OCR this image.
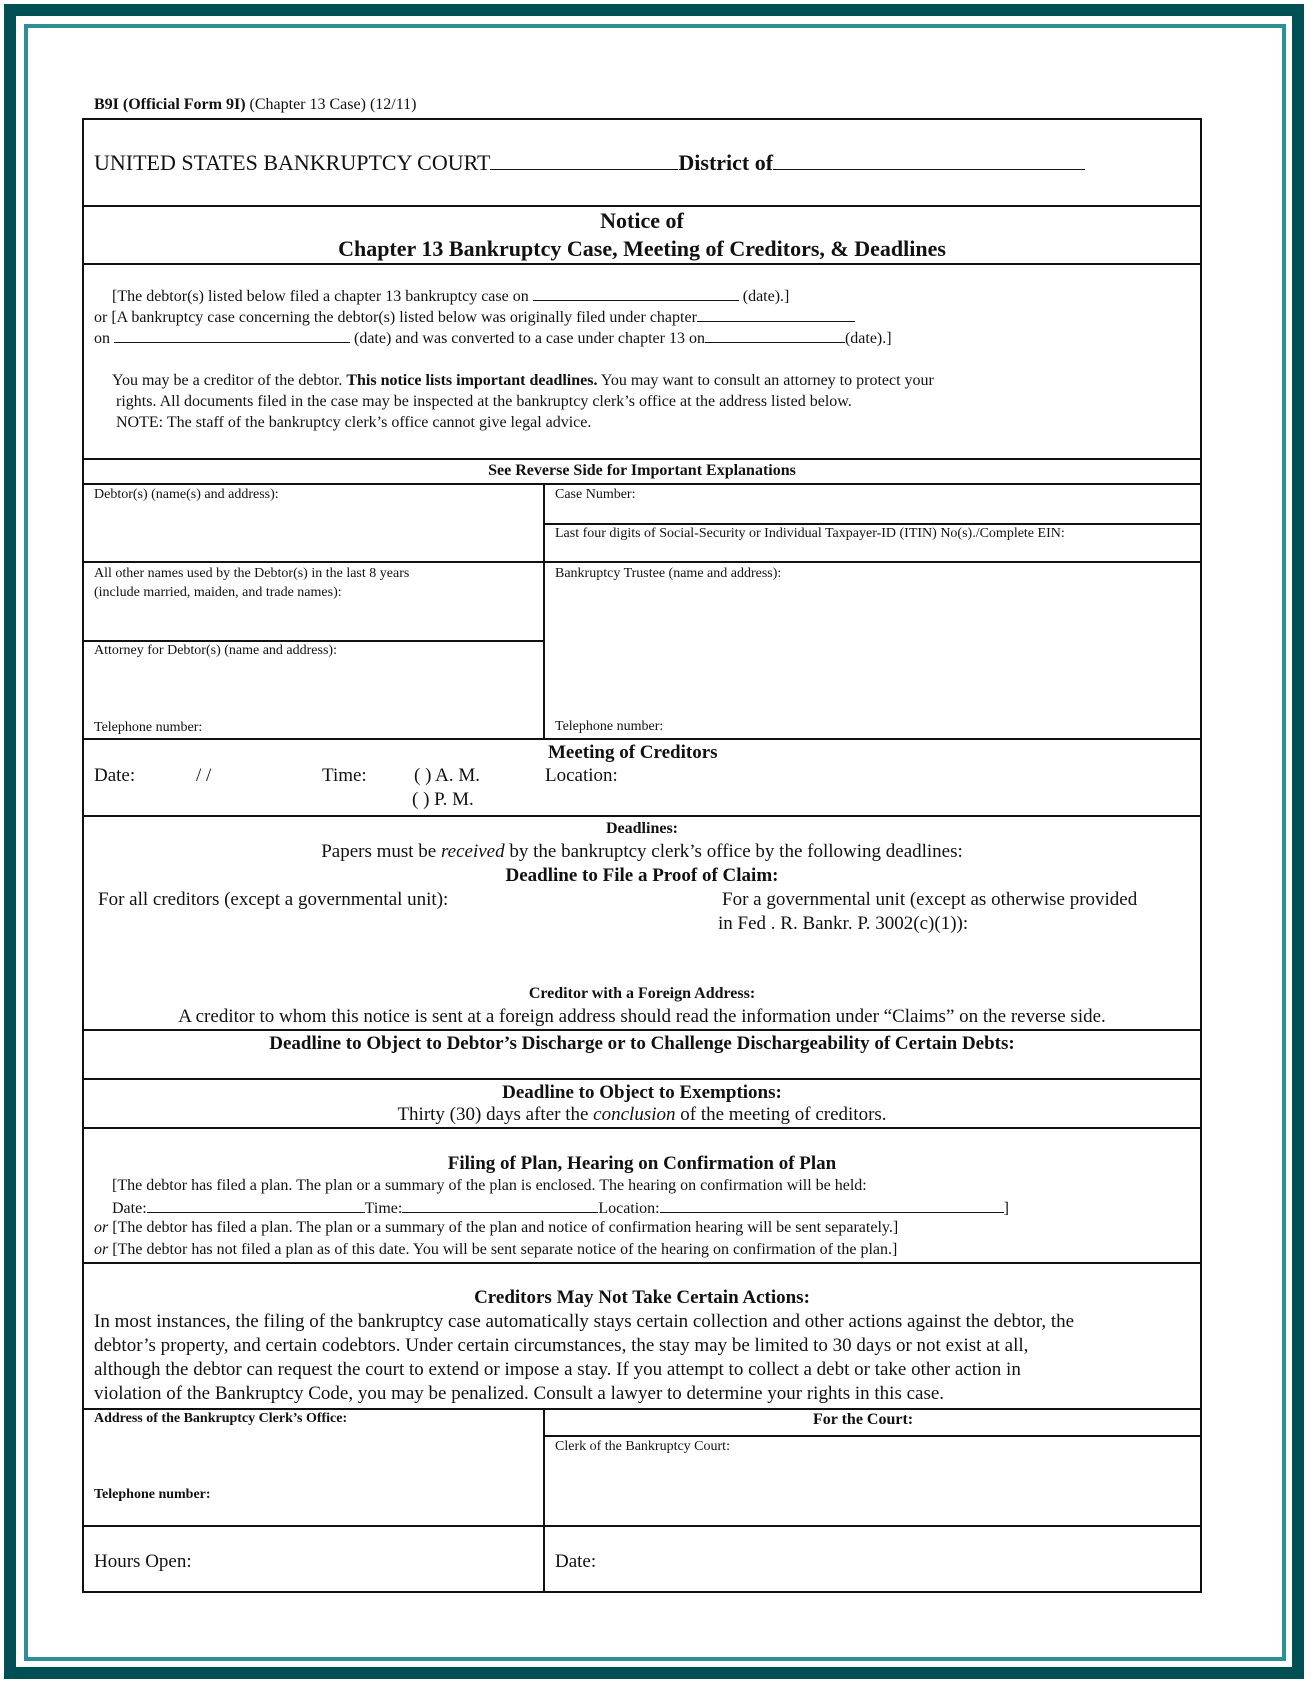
B9I (Official Form 9I) (Chapter 13 Case) (12/11)
UNITED STATES BANKRUPTCY COURT	District of
Notice of
Chapter 13 Bankruptcy Case, Meeting of Creditors, & Deadlines
[The debtor(s) listed below filed a chapter 13 bankruptcy case on	(date).]
or [A bankruptcy case concerning the debtor(s) listed below was originally filed under chapter
on	(date) and was converted to a case under chapter 13 on	(date).]
You may be a creditor of the debtor. This notice lists important deadlines. You may want to consult an attorney to protect your
rights. All documents filed in the case may be inspected at the bankruptcy clerk’s office at the address listed below.
NOTE: The staff of the bankruptcy clerk’s office cannot give legal advice.
See Reverse Side for Important Explanations
Debtor(s) (name(s) and address):	Case Number:
Last four digits of Social-Security or Individual Taxpayer-ID (ITIN) No(s)./Complete EIN:
All other names used by the Debtor(s) in the last 8 years
(include married, maiden, and trade names):
Bankruptcy Trustee (name and address):
Attorney for Debtor(s) (name and address):
Telephone number:	Telephone number:
Meeting of Creditors
Date:	/ /	Time: ( ) A. M.
( ) P. M.
Location:
Deadlines:
Papers must be received by the bankruptcy clerk’s office by the following deadlines:
Deadline to File a Proof of Claim:
For all creditors (except a governmental unit):	For a governmental unit (except as otherwise provided
in Fed . R. Bankr. P. 3002(c)(1)):
Creditor with a Foreign Address:
A creditor to whom this notice is sent at a foreign address should read the information under “Claims” on the reverse side.
Deadline to Object to Debtor’s Discharge or to Challenge Dischargeability of Certain Debts:
Deadline to Object to Exemptions:
Thirty (30) days after the conclusion of the meeting of creditors.
Filing of Plan, Hearing on Confirmation of Plan
[The debtor has filed a plan. The plan or a summary of the plan is enclosed. The hearing on confirmation will be held:
Date:	Time:	Location:	]
or [The debtor has filed a plan. The plan or a summary of the plan and notice of confirmation hearing will be sent separately.]
or [The debtor has not filed a plan as of this date. You will be sent separate notice of the hearing on confirmation of the plan.]
Creditors May Not Take Certain Actions:
In most instances, the filing of the bankruptcy case automatically stays certain collection and other actions against the debtor, the
debtor’s property, and certain codebtors. Under certain circumstances, the stay may be limited to 30 days or not exist at all,
although the debtor can request the court to extend or impose a stay. If you attempt to collect a debt or take other action in
violation of the Bankruptcy Code, you may be penalized. Consult a lawyer to determine your rights in this case.
Address of the Bankruptcy Clerk’s Office:	For the Court:
Clerk of the Bankruptcy Court:
Telephone number:
Hours Open:	Date:
